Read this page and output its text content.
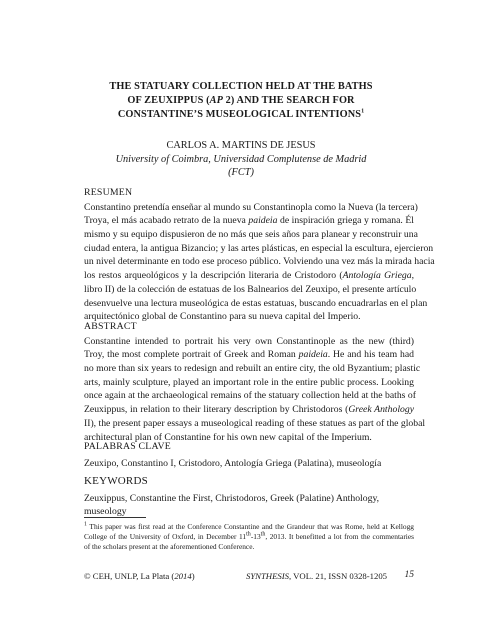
THE STATUARY COLLECTION HELD AT THE BATHS
OF ZEUXIPPUS (AP 2) AND THE SEARCH FOR
CONSTANTINE’S MUSEOLOGICAL INTENTIONS$^1$
CARLOS A. MARTINS DE JESUS
University of Coimbra, Universidad Complutense de Madrid
(FCT)
RESUMEN
Constantino pretendía enseñar al mundo su Constantinopla como la Nueva (la tercera)
Troya, el más acabado retrato de la nueva paideia de inspiración griega y romana. Él
mismo y su equipo dispusieron de no más que seis años para planear y reconstruir una
ciudad entera, la antigua Bizancio; y las artes plásticas, en especial la escultura, ejercieron
un nivel determinante en todo ese proceso público. Volviendo una vez más la mirada hacia
los restos arqueológicos y la descripción literaria de Cristodoro (Antología Griega,
libro II) de la colección de estatuas de los Balnearios del Zeuxipo, el presente artículo
desenvuelve una lectura museológica de estas estatuas, buscando encuadrarlas en el plan
arquitectónico global de Constantino para su nueva capital del Imperio.
ABSTRACT
Constantine intended to portrait his very own Constantinople as the new (third)
Troy, the most complete portrait of Greek and Roman paideia. He and his team had
no more than six years to redesign and rebuilt an entire city, the old Byzantium; plastic
arts, mainly sculpture, played an important role in the entire public process. Looking
once again at the archaeological remains of the statuary collection held at the baths of
Zeuxippus, in relation to their literary description by Christodoros (Greek Anthology
II), the present paper essays a museological reading of these statues as part of the global
architectural plan of Constantine for his own new capital of the Imperium.
PALABRAS CLAVE
Zeuxipo, Constantino I, Cristodoro, Antología Griega (Palatina), museología
KEYWORDS
Zeuxippus, Constantine the First, Christodoros, Greek (Palatine) Anthology, museology
$^1$ This paper was first read at the Conference Constantine and the Grandeur that was Rome, held at Kellogg
College of the University of Oxford, in December 11th-13th, 2013. It benefitted a lot from the commentaries
of the scholars present at the aforementioned Conference.
© CEH, UNLP, La Plata (2014)	SYNTHESIS, VOL. 21, ISSN 0328-1205 15
